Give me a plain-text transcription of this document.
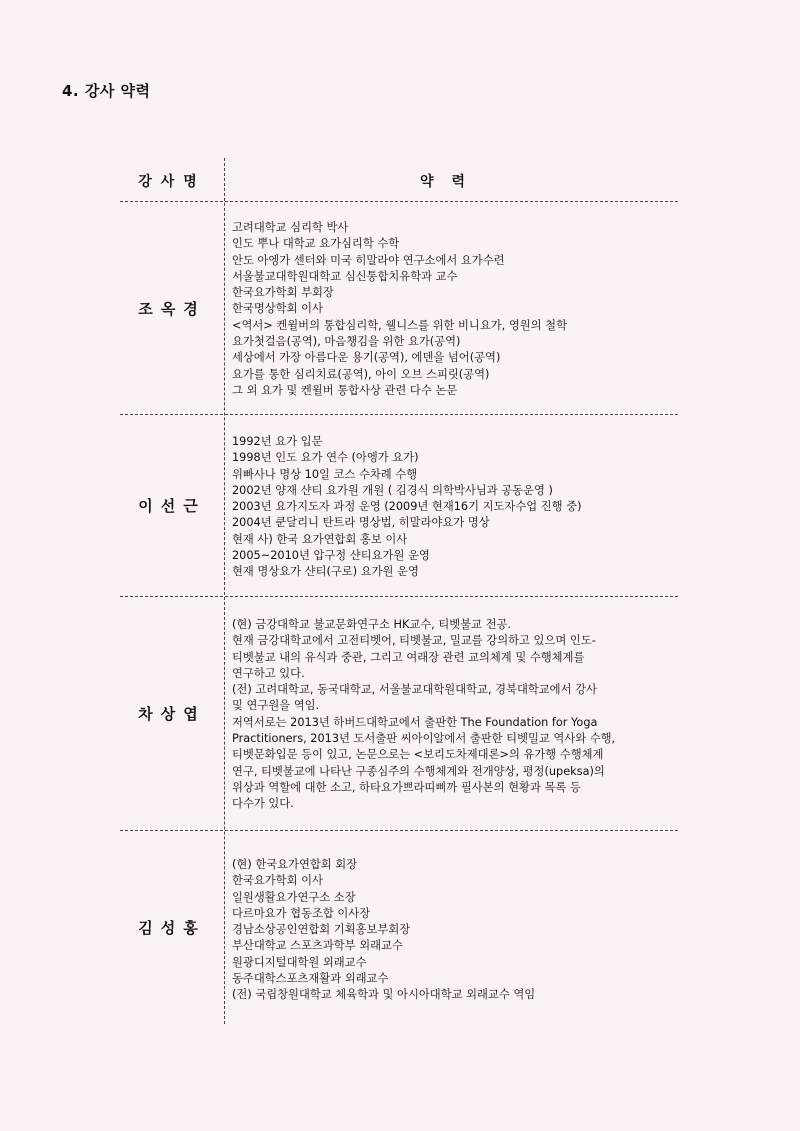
4. 강사 약력
강사명	약력
조옥경
고려대학교 심리학 박사
인도 뿌나 대학교 요가심리학 수학
안도 아엥가 센터와 미국 히말라야 연구소에서 요가수련
서울불교대학원대학교 심신통합치유학과 교수
한국요가학회 부회장
한국명상학회 이사
<역서> 켄윌버의 통합심리학, 웰니스를 위한 비니요가, 영원의 철학
요가첫걸음(공역), 마음챙김을 위한 요가(공역)
세상에서 가장 아름다운 용기(공역), 에덴을 넘어(공역)
요가를 통한 심리치료(공역), 아이 오브 스피릿(공역)
그 외 요가 및 켄윌버 통합사상 관련 다수 논문
이선근
1992년 요가 입문
1998년 인도 요가 연수 (아엥가 요가)
위빠사나 명상 10일 코스 수차례 수행
2002년 양재 샨티 요가원 개원 ( 김경식 의학박사님과 공동운영 )
2003년 요가지도자 과정 운영 (2009년 현재16기 지도자수업 진행 중)
2004년 쿤달리니 탄트라 명상법, 히말라야요가 명상
현재 사) 한국 요가연합회 홍보 이사
2005~2010년 압구정 샨티요가원 운영
현재 명상요가 샨티(구로) 요가원 운영
차상엽
(현) 금강대학교 불교문화연구소 HK교수, 티벳불교 전공.
현재 금강대학교에서 고전티벳어, 티벳불교, 밀교를 강의하고 있으며 인도-
티벳불교 내의 유식과 중관, 그리고 여래장 관련 교의체계 및 수행체계를
연구하고 있다.
(전) 고려대학교, 동국대학교, 서울불교대학원대학교, 경북대학교에서 강사
및 연구원을 역임.
저역서로는 2013년 하버드대학교에서 출판한 The Foundation for Yoga
Practitioners, 2013년 도서출판 씨아이알에서 출판한 티벳밀교 역사와 수행,
티벳문화입문 등이 있고, 논문으로는 <보리도차제대론>의 유가행 수행체계
연구, 티벳불교에 나타난 구종심주의 수행체계와 전개양상, 평정(upeksa)의
위상과 역할에 대한 소고, 하타요가쁘라띠삐까 필사본의 현황과 목록 등
다수가 있다.
김성홍
(현) 한국요가연합회 회장
한국요가학회 이사
일원생활요가연구소 소장
다르마요가 협동조합 이사장
경남소상공인연합회 기획홍보부회장
부산대학교 스포츠과학부 외래교수
원광디지털대학원 외래교수
동주대학스포츠재활과 외래교수
(전) 국립창원대학교 체육학과 및 아시아대학교 외래교수 역임
